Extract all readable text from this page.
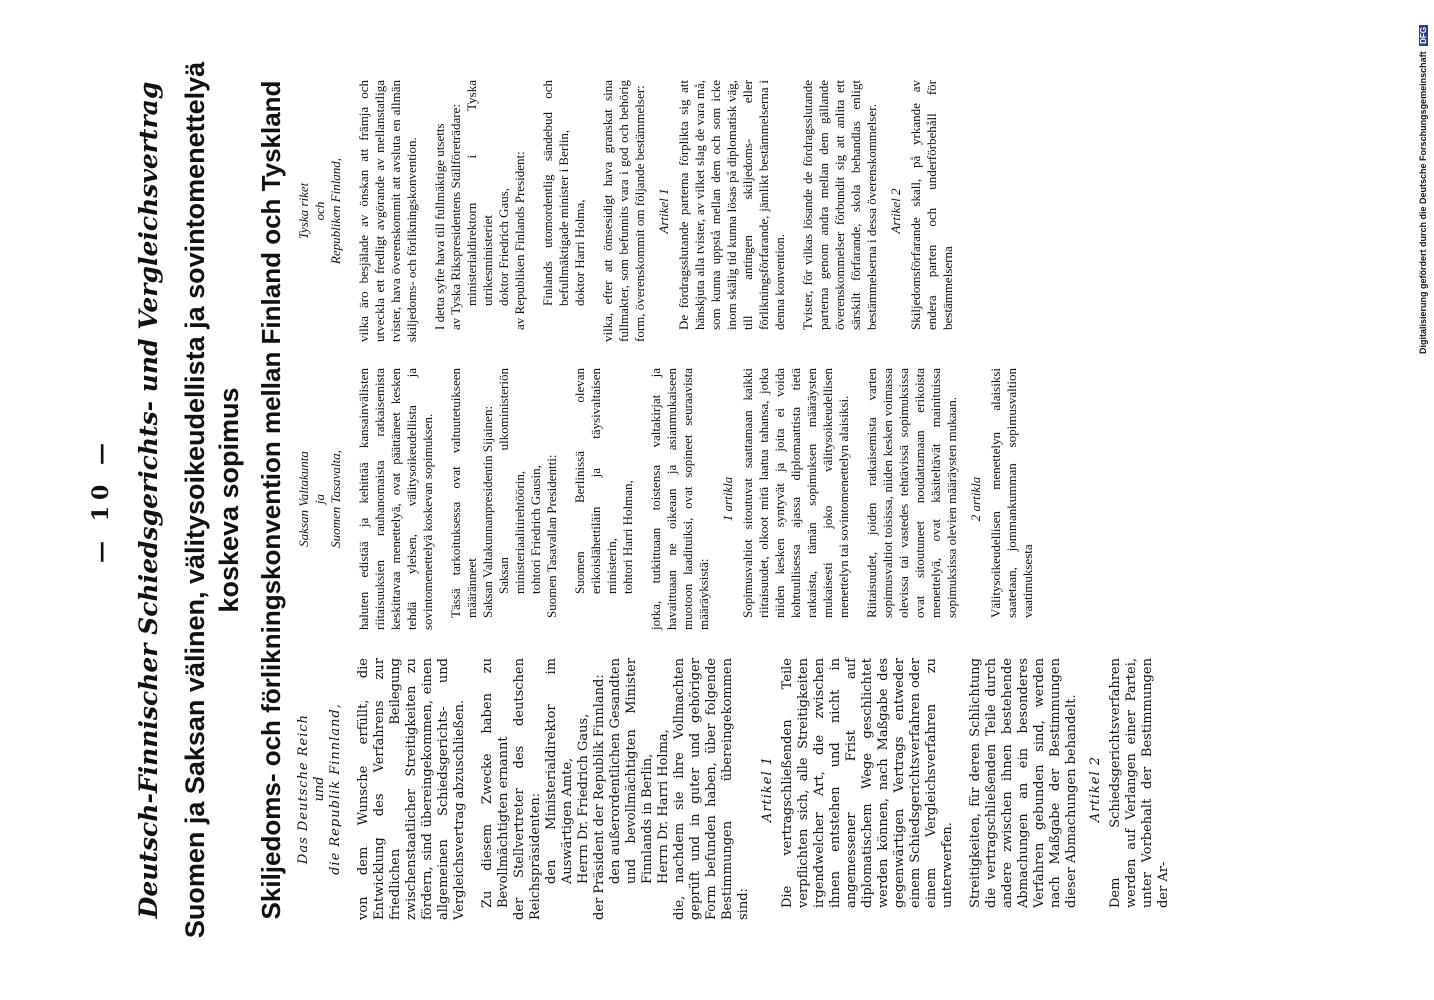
— 10 — Deutsch-Finnischer Schiedsgerichts- und Vergleichsvertrag Suomen ja Saksan välinen, välitysoikeudellista ja sovintomenettelyä koskeva sopimus Skiljedoms- och förlikningskonvention mellan Finland och Tyskland Das Deutsche Reich und die Republik Finnland, von dem Wunsche erfüllt, die Entwicklung des Verfahrens zur friedlichen Beilegung zwischenstaatlicher Streitigkeiten zu fördern, sind übereingekommen, einen allgemeinen Schiedsgerichts- und Vergleichsvertrag abzuschließen. Zu diesem Zwecke haben zu Bevollmächtigten ernannt der Stellvertreter des deutschen Reichspräsidenten: den Ministerialdirektor im Auswärtigen Amte, Herrn Dr. Friedrich Gaus, der Präsident der Republik Finnland: den außerordentlichen Gesandten und bevollmächtigten Minister Finnlands in Berlin, Herrn Dr. Harri Holma, die, nachdem sie ihre Vollmachten geprüft und in guter und gehöriger Form befunden haben, über folgende Bestimmungen übereingekommen sind:

Artikel 1 Die vertragschließenden Teile verpflichten sich, alle Streitigkeiten irgendwelcher Art, die zwischen ihnen entstehen und nicht in angemessener Frist auf diplomatischem Wege geschlichtet werden können, nach Maßgabe des gegenwärtigen Vertrags entweder einem Schiedsgerichtsverfahren oder einem Vergleichsverfahren zu unterwerfen. Streitigkeiten, für deren Schlichtung die vertragschließenden Teile durch andere zwischen ihnen bestehende Abmachungen an ein besonderes Verfahren gebunden sind, werden nach Maßgabe der Bestimmungen dieser Abmachungen behandelt. Artikel 2 Dem Schiedsgerichtsverfahren werden auf Verlangen einer Partei, unter Vorbehalt der Bestimmungen der Ar-

Saksan Valtakunta ja Suomen Tasavalta, haluten edistää ja kehittää kansainvälisten riitaisuuksien rauhanomaista ratkaisemista keskittavaa menettelyä, ovat päättäneet kesken tehdä yleisen, välitysoikeudellista ja sovintomenettelyä koskevan sopimuksen. Tässä tarkoituksessa ovat valtuutetuikseen määränneet Saksan Valtakunnanpresidentin Sijainen: Saksan ulkoministeriön ministeriaalitirehtöörin, tohtori Friedrich Gausin, Suomen Tasavallan Presidentti: Suomen Berlinissä olevan erikoislähettiläin ja täysivaltaisen ministerin, tohtori Harri Holman, jotka, tutkittuaan toistensa valtakirjat ja havaittuaan ne oikeaan ja asianmukaiseen muotoon laadituiksi, ovat sopineet seuraavista määräyksistä:

1 artikla Sopimusvaltiot sitoutuvat saattamaan kaikki riitaisuudet, olkoot mitä laatua tahansa, jotka niiden kesken syntyvät ja joita ei voida kohtuullisessa ajassa diplomaattista tietä ratkaista, tämän sopimuksen määräysten mukaisesti joko välitysoikeudellisen menettelyn tai sovintomenettelyn alaisiksi. Riitaisuudet, joiden ratkaisemista varten sopimusvaltiot toisissa, niiden kesken voimassa olevissa tai vastedes tehtävissä sopimuksissa ovat sitoutuneet noudattamaan erikoista menettelyä, ovat käsiteltävät mainituissa sopimuksissa olevien määräysten mukaan. 2 artikla Välitysoikeudellisen menettelyn alaisiksi saatetaan, jommankumman sopimusvaltion vaatimuksesta

Tyska riket och Republiken Finland, vilka äro besjälade av önskan att främja och utveckla ett fredligt avgörande av mellanstatliga tvister, hava överenskommit att avsluta en allmän skiljedoms- och förlikningskonvention. I detta syfte hava till fullmäktige utsetts av Tyska Rikspresidentens Ställföreträdare: ministerialdirektorn i Tyska utrikesministeriet doktor Friedrich Gaus, av Republiken Finlands President: Finlands utomordentlig sändebud och befullmäktigade minister i Berlin, doktor Harri Holma, vilka, efter att ömsesidigt hava granskat sina fullmakter, som befunnits vara i god och behörig form, överenskommit om följande bestämmelser: Artikel 1 De fördragsslutande parterna förplikta sig att hänskjuta alla tvister, av vilket slag de vara må, som kunna uppstå mellan dem och som icke inom skälig tid kunna lösas på diplomatisk väg, till antingen skiljedoms- eller förlikningsförfarande, jämlikt bestämmelserna i denna konvention. Tvister, för vilkas lösande de fördragsslutande parterna genom andra mellan dem gällande överenskommelser förbundit sig att anlita ett särskilt förfarande, skola behandlas enligt bestämmelserna i dessa överenskommelser. Artikel 2 Skiljedomsförfarande skall, på yrkande av endera parten och underförbehåll för bestämmelserna	Digitalisierung gefördert durch die Deutsche Forschungsgemeinschaft DFG
